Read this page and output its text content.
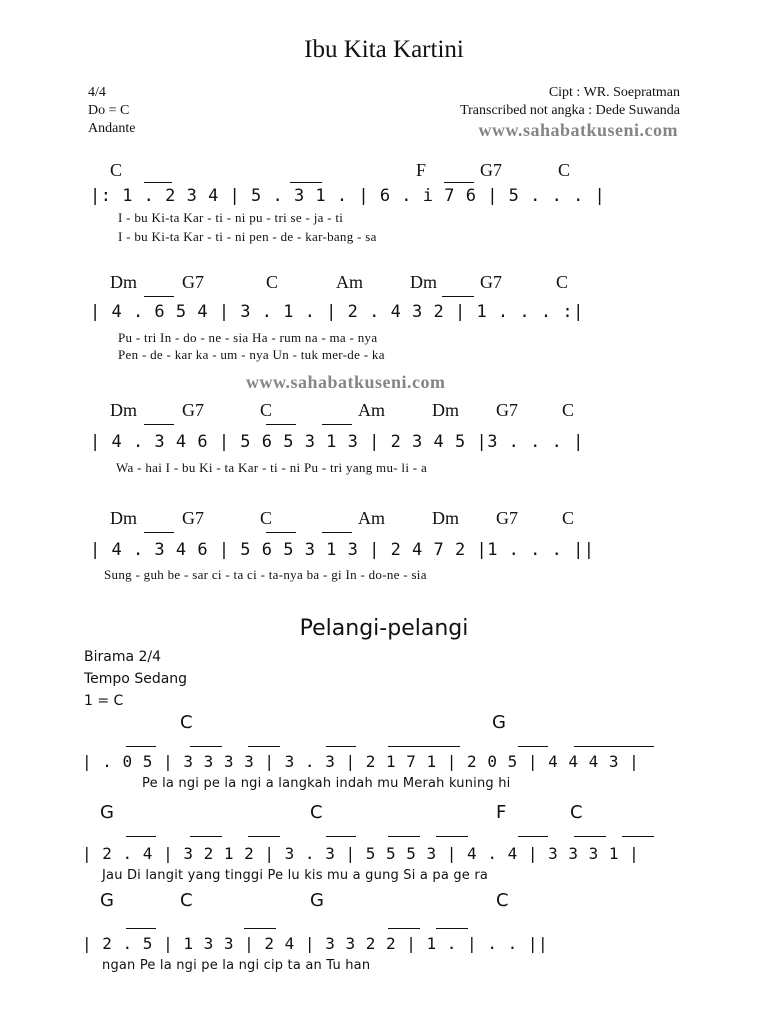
Ibu Kita Kartini
4/4
Do = C
Andante
Cipt : WR. Soepratman
Transcribed not angka : Dede Suwanda
www.sahabatkuseni.com
C	F	G7	C
|: 1 . 2 3 4 | 5 . 3 1 . | 6 . i 7 6 | 5 . . . |
I - bu Ki-ta Kar - ti - ni pu - tri se - ja - ti
I - bu Ki-ta Kar - ti - ni pen - de - kar-bang - sa
Dm	G7	C	Am	Dm G7	C
| 4 . 6 5 4 | 3 . 1 . | 2 . 4 3 2 | 1 . . . :|
Pu - tri In - do - ne - sia Ha - rum na - ma - nya
Pen - de - kar ka - um - nya Un - tuk mer-de - ka
www.sahabatkuseni.com
Dm	G7	C	Am	Dm G7 C
| 4 . 3 4 6 | 5 6 5 3 1 3 | 2 3 4 5 |3 . . . |
Wa - hai I - bu Ki - ta Kar - ti - ni Pu - tri yang mu- li - a
Dm	G7	C	Am	Dm G7 C
| 4 . 3 4 6 | 5 6 5 3 1 3 | 2 4 7 2 |1 . . . ||
Sung - guh be - sar ci - ta ci - ta-nya ba - gi In - do-ne - sia
Pelangi-pelangi
Birama 2/4
Tempo Sedang
1 = C
C	G
| . 0 5 | 3 3 3 3 | 3 . 3 | 2 1 7 1 | 2 0 5 | 4 4 4 3 |
Pe la ngi pe la ngi a langkah indah mu Merah kuning hi
G	C	F	C
| 2 . 4 | 3 2 1 2 | 3 . 3 | 5 5 5 3 | 4 . 4 | 3 3 3 1 |
Jau Di langit yang tinggi Pe lu kis mu a gung Si a pa ge ra
G	C	G	C
| 2 . 5 | 1 3 3 | 2 4 | 3 3 2 2 | 1 . | . . ||
ngan Pe la ngi pe la ngi cip ta an Tu han
